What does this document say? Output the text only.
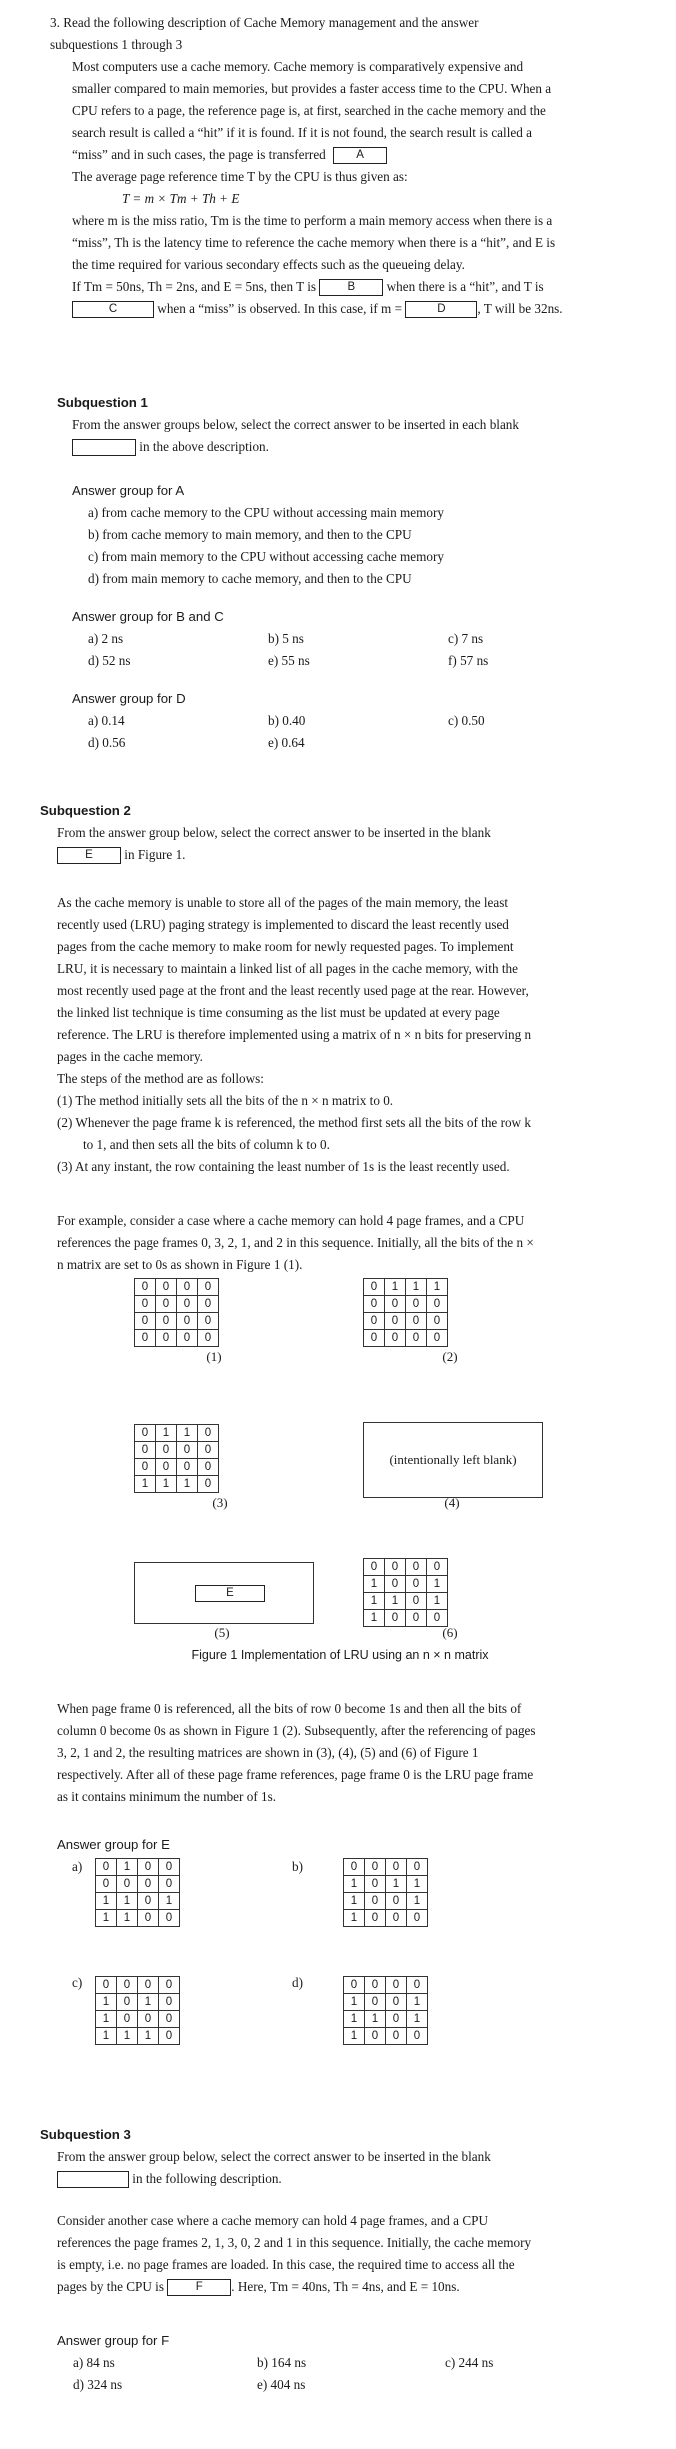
3. Read the following description of Cache Memory management and the answer
subquestions 1 through 3

Most computers use a cache memory. Cache memory is comparatively expensive and

smaller compared to main memories, but provides a faster access time to the CPU. When a

CPU refers to a page, the reference page is, at first, searched in the cache memory and the

search result is called a “hit” if it is found. If it is not found, the search result is called a

“miss” and in such cases, the page is transferred	A

The average page reference time T by the CPU is thus given as:

T = m × Tm + Th + E

where m is the miss ratio, Tm is the time to perform a main memory access when there is a

“miss”, Th is the latency time to reference the cache memory when there is a “hit”, and E is

the time required for various secondary effects such as the queueing delay.

If Tm = 50ns, Th = 2ns, and E = 5ns, then T is	B when there is a “hit”, and T is

C	when a “miss” is observed. In this case, if m =	D , T will be 32ns.

Subquestion 1

From the answer groups below, select the correct answer to be inserted in each blank

in the above description.

Answer group for A
a) from cache memory to the CPU without accessing main memory
b) from cache memory to main memory, and then to the CPU
c) from main memory to the CPU without accessing cache memory
d) from main memory to cache memory, and then to the CPU
Answer group for B and C
a) 2 ns	b) 5 ns	c) 7 ns
d) 52 ns	e) 55 ns	f) 57 ns
Answer group for D
a) 0.14	b) 0.40	c) 0.50
d) 0.56	e) 0.64
Subquestion 2

From the answer group below, select the correct answer to be inserted in the blank

E in Figure 1.

As the cache memory is unable to store all of the pages of the main memory, the least

recently used (LRU) paging strategy is implemented to discard the least recently used

pages from the cache memory to make room for newly requested pages. To implement

LRU, it is necessary to maintain a linked list of all pages in the cache memory, with the

most recently used page at the front and the least recently used page at the rear. However,

the linked list technique is time consuming as the list must be updated at every page

reference. The LRU is therefore implemented using a matrix of n × n bits for preserving n

pages in the cache memory.

The steps of the method are as follows:

(1) The method initially sets all the bits of the n × n matrix to 0.

(2) Whenever the page frame k is referenced, the method first sets all the bits of the row k

to 1, and then sets all the bits of column k to 0.

(3) At any instant, the row containing the least number of 1s is the least recently used.

For example, consider a case where a cache memory can hold 4 page frames, and a CPU

references the page frames 0, 3, 2, 1, and 2 in this sequence. Initially, all the bits of the n ×

n matrix are set to 0s as shown in Figure 1 (1).

0	0	0	0
0	0	0	0
0	0	0	0
0	0	0	0
(1)
0	1	1	1
0	0	0	0
0	0	0	0
0	0	0	0
(2)
0	1	1	0
0	0	0	0
0	0	0	0
1	1	1	0
(3)
(intentionally left blank)
(4)
E
(5)
0	0	0	0
1	0	0	1
1	1	0	1
1	0	0	0
(6)
Figure 1 Implementation of LRU using an n × n matrix

When page frame 0 is referenced, all the bits of row 0 become 1s and then all the bits of

column 0 become 0s as shown in Figure 1 (2). Subsequently, after the referencing of pages

3, 2, 1 and 2, the resulting matrices are shown in (3), (4), (5) and (6) of Figure 1

respectively. After all of these page frame references, page frame 0 is the LRU page frame

as it contains minimum the number of 1s.

Answer group for E
a) 0	1	0	0
0	0	0	0
1	1	0	1
1	1	0	0
b)	0	0	0	0
1	0	1	1
1	0	0	1
1	0	0	0
c) 0	0	0	0
1	0	1	0
1	0	0	0
1	1	1	0
d)	0	0	0	0
1	0	0	1
1	1	0	1
1	0	0	0
Subquestion 3

From the answer group below, select the correct answer to be inserted in the blank

in the following description.

Consider another case where a cache memory can hold 4 page frames, and a CPU

references the page frames 2, 1, 3, 0, 2 and 1 in this sequence. Initially, the cache memory

is empty, i.e. no page frames are loaded. In this case, the required time to access all the

pages by the CPU is	F . Here, Tm = 40ns, Th = 4ns, and E = 10ns.

Answer group for F
a) 84 ns	b) 164 ns	c) 244 ns
d) 324 ns	e) 404 ns
